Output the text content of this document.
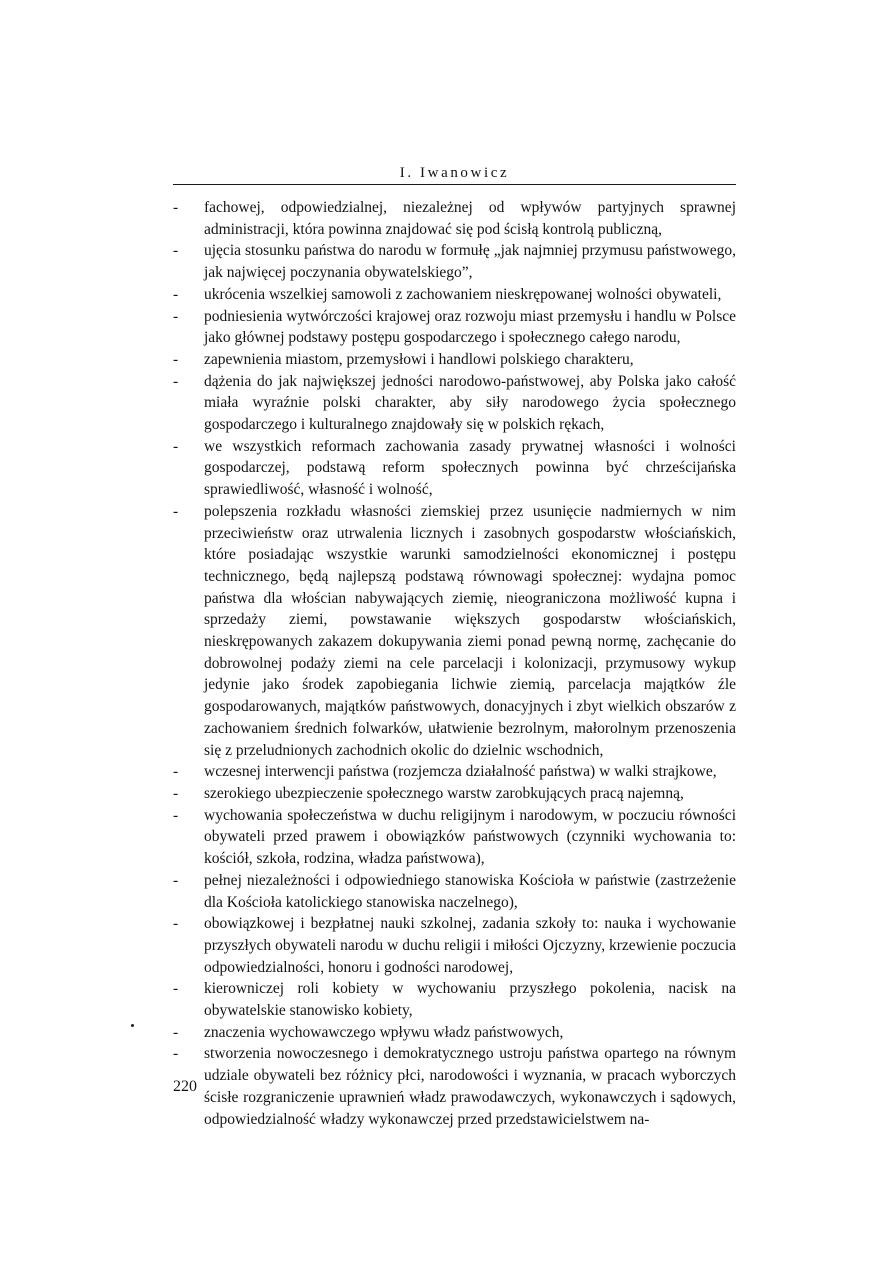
I. Iwanowicz
-	fachowej, odpowiedzialnej, niezależnej od wpływów partyjnych sprawnej administracji, która powinna znajdować się pod ścisłą kontrolą publiczną,
-	ujęcia stosunku państwa do narodu w formułę „jak najmniej przymusu państwowego, jak najwięcej poczynania obywatelskiego”,
-	ukrócenia wszelkiej samowoli z zachowaniem nieskrępowanej wolności obywateli,
-	podniesienia wytwórczości krajowej oraz rozwoju miast przemysłu i handlu w Polsce jako głównej podstawy postępu gospodarczego i społecznego całego narodu,
-	zapewnienia miastom, przemysłowi i handlowi polskiego charakteru,
-	dążenia do jak największej jedności narodowo-państwowej, aby Polska jako całość miała wyraźnie polski charakter, aby siły narodowego życia społecznego gospodarczego i kulturalnego znajdowały się w polskich rękach,
-	we wszystkich reformach zachowania zasady prywatnej własności i wolności gospodarczej, podstawą reform społecznych powinna być chrześcijańska sprawiedliwość, własność i wolność,
-	polepszenia rozkładu własności ziemskiej przez usunięcie nadmiernych w nim przeciwieństw oraz utrwalenia licznych i zasobnych gospodarstw włościańskich, które posiadając wszystkie warunki samodzielności ekonomicznej i postępu technicznego, będą najlepszą podstawą równowagi społecznej: wydajna pomoc państwa dla włościan nabywających ziemię, nieograniczona możliwość kupna i sprzedaży ziemi, powstawanie większych gospodarstw włościańskich, nieskrępowanych zakazem dokupywania ziemi ponad pewną normę, zachęcanie do dobrowolnej podaży ziemi na cele parcelacji i kolonizacji, przymusowy wykup jedynie jako środek zapobiegania lichwie ziemią, parcelacja majątków źle gospodarowanych, majątków państwowych, donacyjnych i zbyt wielkich obszarów z zachowaniem średnich folwarków, ułatwienie bezrolnym, małorolnym przenoszenia się z przeludnionych zachodnich okolic do dzielnic wschodnich,
-	wczesnej interwencji państwa (rozjemcza działalność państwa) w walki strajkowe,
-	szerokiego ubezpieczenie społecznego warstw zarobkujących pracą najemną,
-	wychowania społeczeństwa w duchu religijnym i narodowym, w poczuciu równości obywateli przed prawem i obowiązków państwowych (czynniki wychowania to: kościół, szkoła, rodzina, władza państwowa),
-	pełnej niezależności i odpowiedniego stanowiska Kościoła w państwie (zastrzeżenie dla Kościoła katolickiego stanowiska naczelnego),
-	obowiązkowej i bezpłatnej nauki szkolnej, zadania szkoły to: nauka i wychowanie przyszłych obywateli narodu w duchu religii i miłości Ojczyzny, krzewienie poczucia odpowiedzialności, honoru i godności narodowej,
-	kierowniczej roli kobiety w wychowaniu przyszłego pokolenia, nacisk na obywatelskie stanowisko kobiety,
-	znaczenia wychowawczego wpływu władz państwowych,
-	stworzenia nowoczesnego i demokratycznego ustroju państwa opartego na równym udziale obywateli bez różnicy płci, narodowości i wyznania, w pracach wyborczych ścisłe rozgraniczenie uprawnień władz prawodawczych, wykonawczych i sądowych, odpowiedzialność władzy wykonawczej przed przedstawicielstwem na-
220
